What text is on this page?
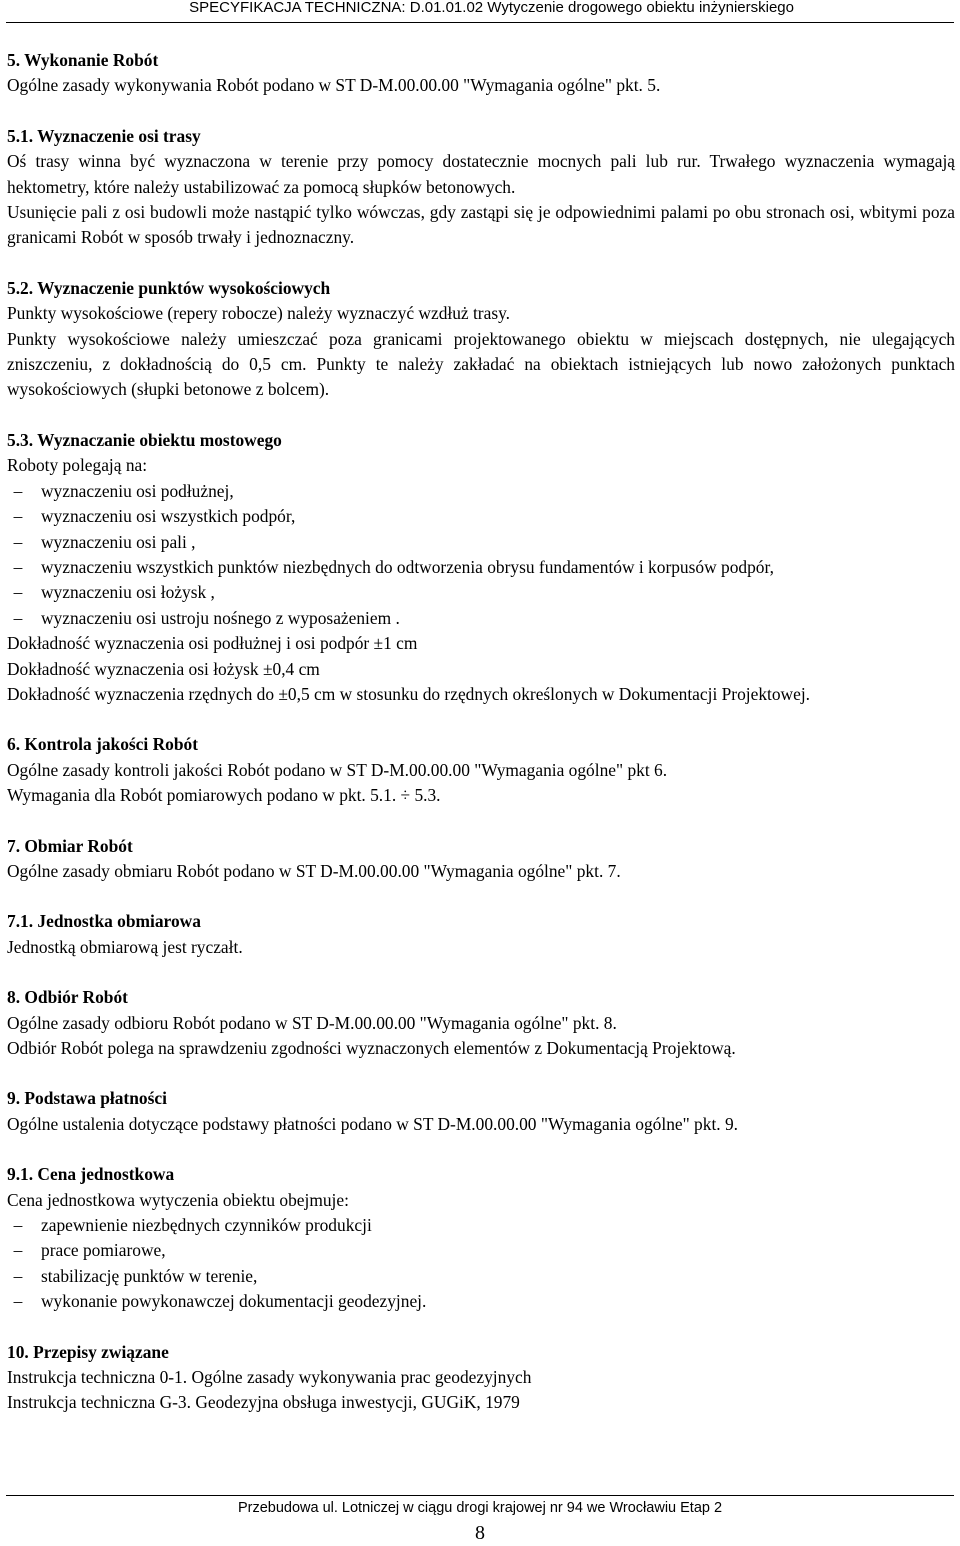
SPECYFIKACJA TECHNICZNA: D.01.01.02 Wytyczenie drogowego obiektu inżynierskiego
5. Wykonanie Robót

Ogólne zasady wykonywania Robót podano w ST D-M.00.00.00 "Wymagania ogólne" pkt. 5.

5.1. Wyznaczenie osi trasy

Oś trasy winna być wyznaczona w terenie przy pomocy dostatecznie mocnych pali lub rur. Trwałego wyznaczenia wymagają hektometry, które należy ustabilizować za pomocą słupków betonowych.

Usunięcie pali z osi budowli może nastąpić tylko wówczas, gdy zastąpi się je odpowiednimi palami po obu stronach osi, wbitymi poza granicami Robót w sposób trwały i jednoznaczny.

5.2. Wyznaczenie punktów wysokościowych

Punkty wysokościowe (repery robocze) należy wyznaczyć wzdłuż trasy.

Punkty wysokościowe należy umieszczać poza granicami projektowanego obiektu w miejscach dostępnych, nie ulegających zniszczeniu, z dokładnością do 0,5 cm. Punkty te należy zakładać na obiektach istniejących lub nowo założonych punktach wysokościowych (słupki betonowe z bolcem).

5.3. Wyznaczanie obiektu mostowego

Roboty polegają na:

– wyznaczeniu osi podłużnej,
– wyznaczeniu osi wszystkich podpór,
– wyznaczeniu osi pali ,
– wyznaczeniu wszystkich punktów niezbędnych do odtworzenia obrysu fundamentów i korpusów podpór,
– wyznaczeniu osi łożysk ,
– wyznaczeniu osi ustroju nośnego z wyposażeniem .

Dokładność wyznaczenia osi podłużnej i osi podpór ±1 cm

Dokładność wyznaczenia osi łożysk ±0,4 cm

Dokładność wyznaczenia rzędnych do ±0,5 cm w stosunku do rzędnych określonych w Dokumentacji Projektowej.

6. Kontrola jakości Robót

Ogólne zasady kontroli jakości Robót podano w ST D-M.00.00.00 "Wymagania ogólne" pkt 6.

Wymagania dla Robót pomiarowych podano w pkt. 5.1. ÷ 5.3.

7. Obmiar Robót

Ogólne zasady obmiaru Robót podano w ST D-M.00.00.00 "Wymagania ogólne" pkt. 7.

7.1. Jednostka obmiarowa

Jednostką obmiarową jest ryczałt.

8. Odbiór Robót

Ogólne zasady odbioru Robót podano w ST D-M.00.00.00 "Wymagania ogólne" pkt. 8.

Odbiór Robót polega na sprawdzeniu zgodności wyznaczonych elementów z Dokumentacją Projektową.

9. Podstawa płatności

Ogólne ustalenia dotyczące podstawy płatności podano w ST D-M.00.00.00 "Wymagania ogólne" pkt. 9.

9.1. Cena jednostkowa

Cena jednostkowa wytyczenia obiektu obejmuje:

– zapewnienie niezbędnych czynników produkcji
– prace pomiarowe,
– stabilizację punktów w terenie,
– wykonanie powykonawczej dokumentacji geodezyjnej.
10. Przepisy związane

Instrukcja techniczna 0-1. Ogólne zasady wykonywania prac geodezyjnych

Instrukcja techniczna G-3. Geodezyjna obsługa inwestycji, GUGiK, 1979

Przebudowa ul. Lotniczej w ciągu drogi krajowej nr 94 we Wrocławiu Etap 2
8
